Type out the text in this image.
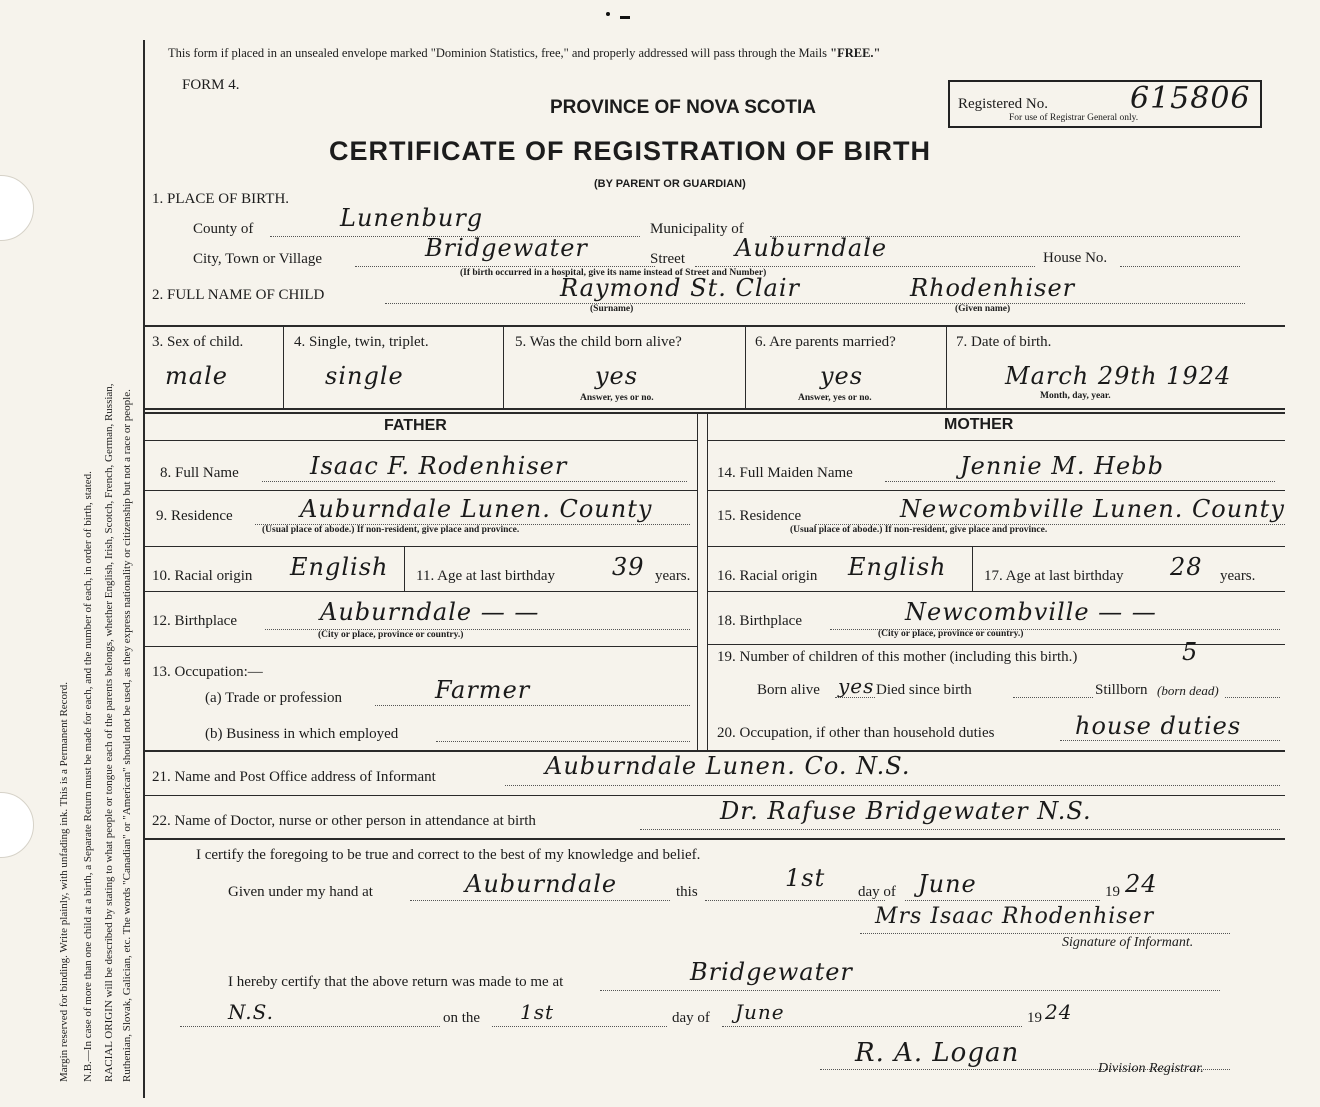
Margin reserved for binding. Write plainly, with unfading ink. This is a Permanent Record. N.B.—In case of more than one child at a birth, a Separate Return must be made for each, and the number of each, in order of birth, stated. RACIAL ORIGIN will be described by stating to what people or tongue each of the parents belongs, whether English, Irish, Scotch, French, German, Russian, Ruthenian, Slovak, Galician, etc. The words "Canadian" or "American" should not be used, as they express nationality or citizenship but not a race or people.
This form if placed in an unsealed envelope marked "Dominion Statistics, free," and properly addressed will pass through the Mails "FREE."
FORM 4.
PROVINCE OF NOVA SCOTIA
CERTIFICATE OF REGISTRATION OF BIRTH
(BY PARENT OR GUARDIAN)
Registered No.	615806
For use of Registrar General only.
1. PLACE OF BIRTH.
County of	Lunenburg	Municipality of
City, Town or Village	Bridgewater	Street Auburndale	House No.
(If birth occurred in a hospital, give its name instead of Street and Number)
2. FULL NAME OF CHILD	Raymond St. Clair	Rhodenhiser
(Surname)	(Given name)
3. Sex of child.
male
4. Single, twin, triplet.
single
5. Was the child born alive?
yes
Answer, yes or no.
6. Are parents married?
yes
Answer, yes or no.
7. Date of birth.
March 29th 1924
Month, day, year.
FATHER	MOTHER
8. Full Name	Isaac F. Rodenhiser
9. Residence	Auburndale Lunen. County
(Usual place of abode.) If non-resident, give place and province.
10. Racial origin English 11. Age at last birthday 39 years.
12. Birthplace	Auburndale — —
(City or place, province or country.)
13. Occupation:—
(a) Trade or profession	Farmer
(b) Business in which employed
14. Full Maiden Name	Jennie M. Hebb
15. Residence	Newcombville Lunen. County
(Usual place of abode.) If non-resident, give place and province.
16. Racial origin English	17. Age at last birthday 28 years.
18. Birthplace	Newcombville — —
(City or place, province or country.)
19. Number of children of this mother (including this birth.)	5
Born alive yes Died since birth	Stillborn (born dead)
20. Occupation, if other than household duties	house duties
21. Name and Post Office address of Informant	Auburndale Lunen. Co. N.S.
22. Name of Doctor, nurse or other person in attendance at birth	Dr. Rafuse Bridgewater N.S.
I certify the foregoing to be true and correct to the best of my knowledge and belief.
Given under my hand at	Auburndale	this	1st day of June	19 24
Mrs Isaac Rhodenhiser
Signature of Informant.
I hereby certify that the above return was made to me at	Bridgewater
N.S.	on the 1st	day of June	19 24
R. A. Logan
Division Registrar.
